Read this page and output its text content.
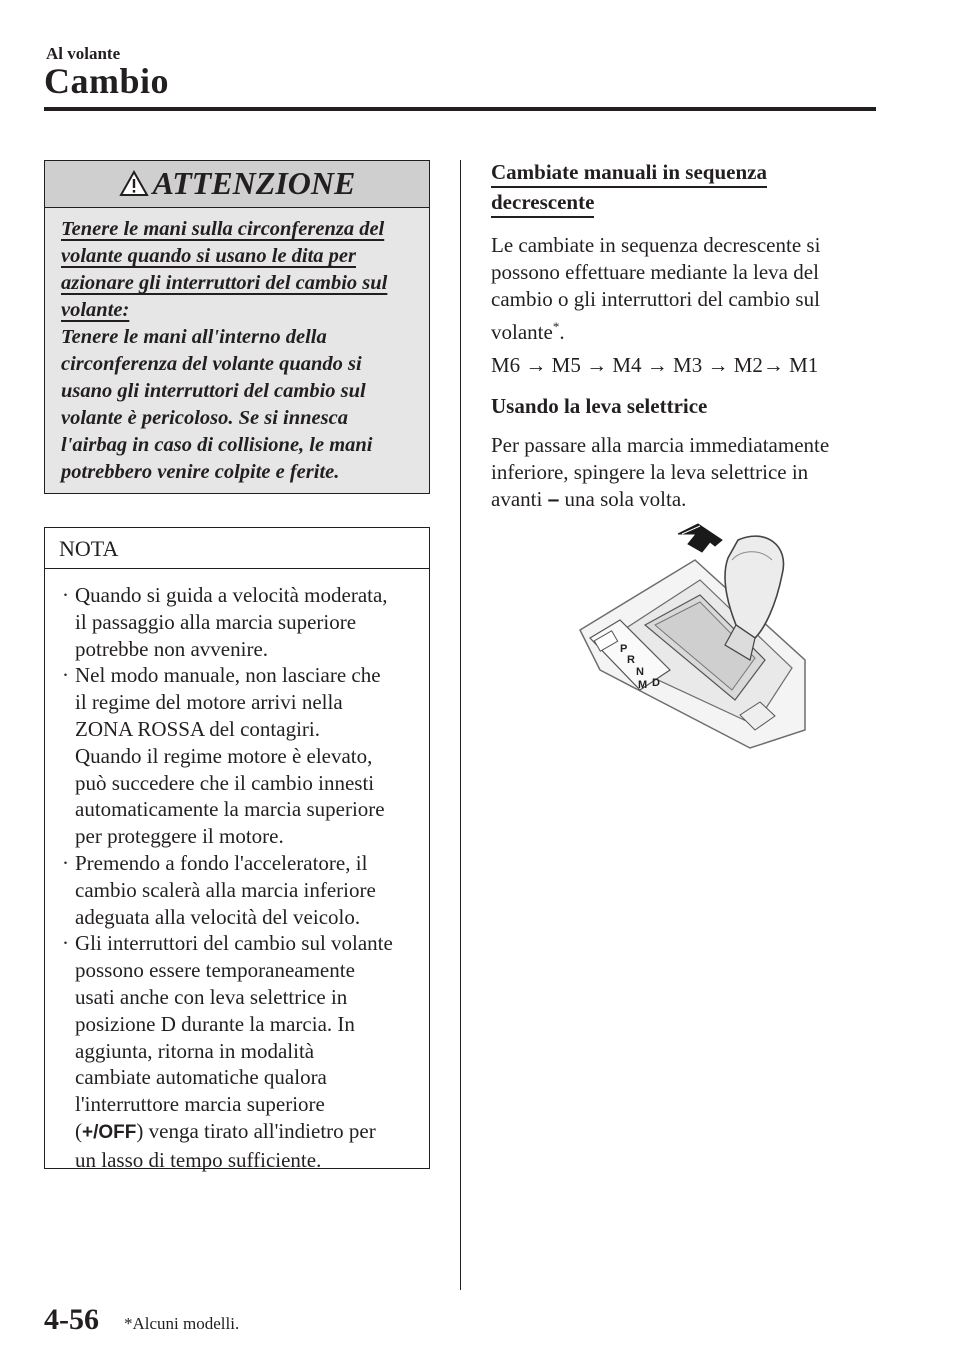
Al volante
Cambio
ATTENZIONE
Tenere le mani sulla circonferenza del
volante quando si usano le dita per
azionare gli interruttori del cambio sul
volante:
Tenere le mani all'interno della
circonferenza del volante quando si
usano gli interruttori del cambio sul
volante è pericoloso. Se si innesca
l'airbag in caso di collisione, le mani
potrebbero venire colpite e ferite.
NOTA
· Quando si guida a velocità moderata,
il passaggio alla marcia superiore
potrebbe non avvenire.
· Nel modo manuale, non lasciare che
il regime del motore arrivi nella
ZONA ROSSA del contagiri.
Quando il regime motore è elevato,
può succedere che il cambio innesti
automaticamente la marcia superiore
per proteggere il motore.
· Premendo a fondo l'acceleratore, il
cambio scalerà alla marcia inferiore
adeguata alla velocità del veicolo.
· Gli interruttori del cambio sul volante
possono essere temporaneamente
usati anche con leva selettrice in
posizione D durante la marcia. In
aggiunta, ritorna in modalità
cambiate automatiche qualora
l'interruttore marcia superiore
(+/OFF) venga tirato all'indietro per
un lasso di tempo sufficiente.
Cambiate manuali in sequenza
decrescente
Le cambiate in sequenza decrescente si
possono effettuare mediante la leva del
cambio o gli interruttori del cambio sul
volante*.
M6 → M5 → M4 → M3 → M2→ M1
Usando la leva selettrice
Per passare alla marcia immediatamente
inferiore, spingere la leva selettrice in
avanti – una sola volta.
P
R
N
M D
4-56 *Alcuni modelli.
